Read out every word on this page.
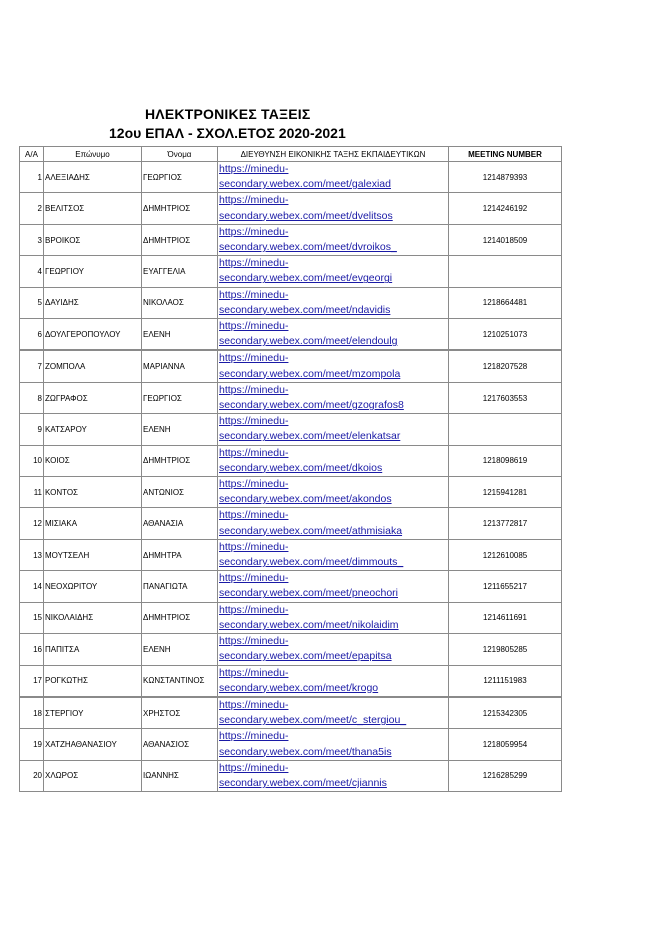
ΗΛΕΚΤΡΟΝΙΚΕΣ ΤΑΞΕΙΣ
12ου ΕΠΑΛ - ΣΧΟΛ.ΕΤΟΣ 2020-2021
Α/Α	Επώνυμο	Όνομα	ΔΙΕΥΘΥΝΣΗ ΕΙΚΟΝΙΚΗΣ ΤΑΞΗΣ ΕΚΠΑΙΔΕΥΤΙΚΩΝ	MEETING NUMBER
1	ΑΛΕΞΙΑΔΗΣ	ΓΕΩΡΓΙΟΣ	https://minedu-
secondary.webex.com/meet/galexiad	1214879393
2	ΒΕΛΙΤΣΟΣ	ΔΗΜΗΤΡΙΟΣ	https://minedu-
secondary.webex.com/meet/dvelitsos	1214246192
3	ΒΡΟΙΚΟΣ	ΔΗΜΗΤΡΙΟΣ	https://minedu-
secondary.webex.com/meet/dvroikos_	1214018509
4	ΓΕΩΡΓΙΟΥ	ΕΥΑΓΓΕΛΙΑ	https://minedu-
secondary.webex.com/meet/evgeorgi	

5	ΔΑΥΙΔΗΣ	ΝΙΚΟΛΑΟΣ	https://minedu-
secondary.webex.com/meet/ndavidis	1218664481
6	ΔΟΥΛΓΕΡΟΠΟΥΛΟΥ	ΕΛΕΝΗ	https://minedu-
secondary.webex.com/meet/elendoulg	1210251073
7	ΖΟΜΠΟΛΑ	ΜΑΡΙΑΝΝΑ	https://minedu-
secondary.webex.com/meet/mzompola	1218207528
8	ΖΩΓΡΑΦΟΣ	ΓΕΩΡΓΙΟΣ	https://minedu-
secondary.webex.com/meet/gzografos8	1217603553
9	ΚΑΤΣΑΡΟΥ	ΕΛΕΝΗ	https://minedu-
secondary.webex.com/meet/elenkatsar	

10	ΚΟΙΟΣ	ΔΗΜΗΤΡΙΟΣ	https://minedu-
secondary.webex.com/meet/dkoios	1218098619
11	ΚΟΝΤΟΣ	ΑΝΤΩΝΙΟΣ	https://minedu-
secondary.webex.com/meet/akondos	1215941281
12	ΜΙΣΙΑΚΑ	ΑΘΑΝΑΣΙΑ	https://minedu-
secondary.webex.com/meet/athmisiaka	1213772817
13	ΜΟΥΤΣΕΛΗ	ΔΗΜΗΤΡΑ	https://minedu-
secondary.webex.com/meet/dimmouts_	1212610085
14	ΝΕΟΧΩΡΙΤΟΥ	ΠΑΝΑΓΙΩΤΑ	https://minedu-
secondary.webex.com/meet/pneochori	1211655217
15	ΝΙΚΟΛΑΙΔΗΣ	ΔΗΜΗΤΡΙΟΣ	https://minedu-
secondary.webex.com/meet/nikolaidim	1214611691
16	ΠΑΠΙΤΣΑ	ΕΛΕΝΗ	https://minedu-
secondary.webex.com/meet/epapitsa	1219805285
17	ΡΟΓΚΩΤΗΣ	ΚΩΝΣΤΑΝΤΙΝΟΣ	https://minedu-
secondary.webex.com/meet/krogo	1211151983
18	ΣΤΕΡΓΙΟΥ	ΧΡΗΣΤΟΣ	https://minedu-
secondary.webex.com/meet/c_stergiou_	1215342305
19	ΧΑΤΖΗΑΘΑΝΑΣΙΟΥ	ΑΘΑΝΑΣΙΟΣ	https://minedu-
secondary.webex.com/meet/thana5is	1218059954
20	ΧΛΩΡΟΣ	ΙΩΑΝΝΗΣ	https://minedu-
secondary.webex.com/meet/cjiannis	1216285299
